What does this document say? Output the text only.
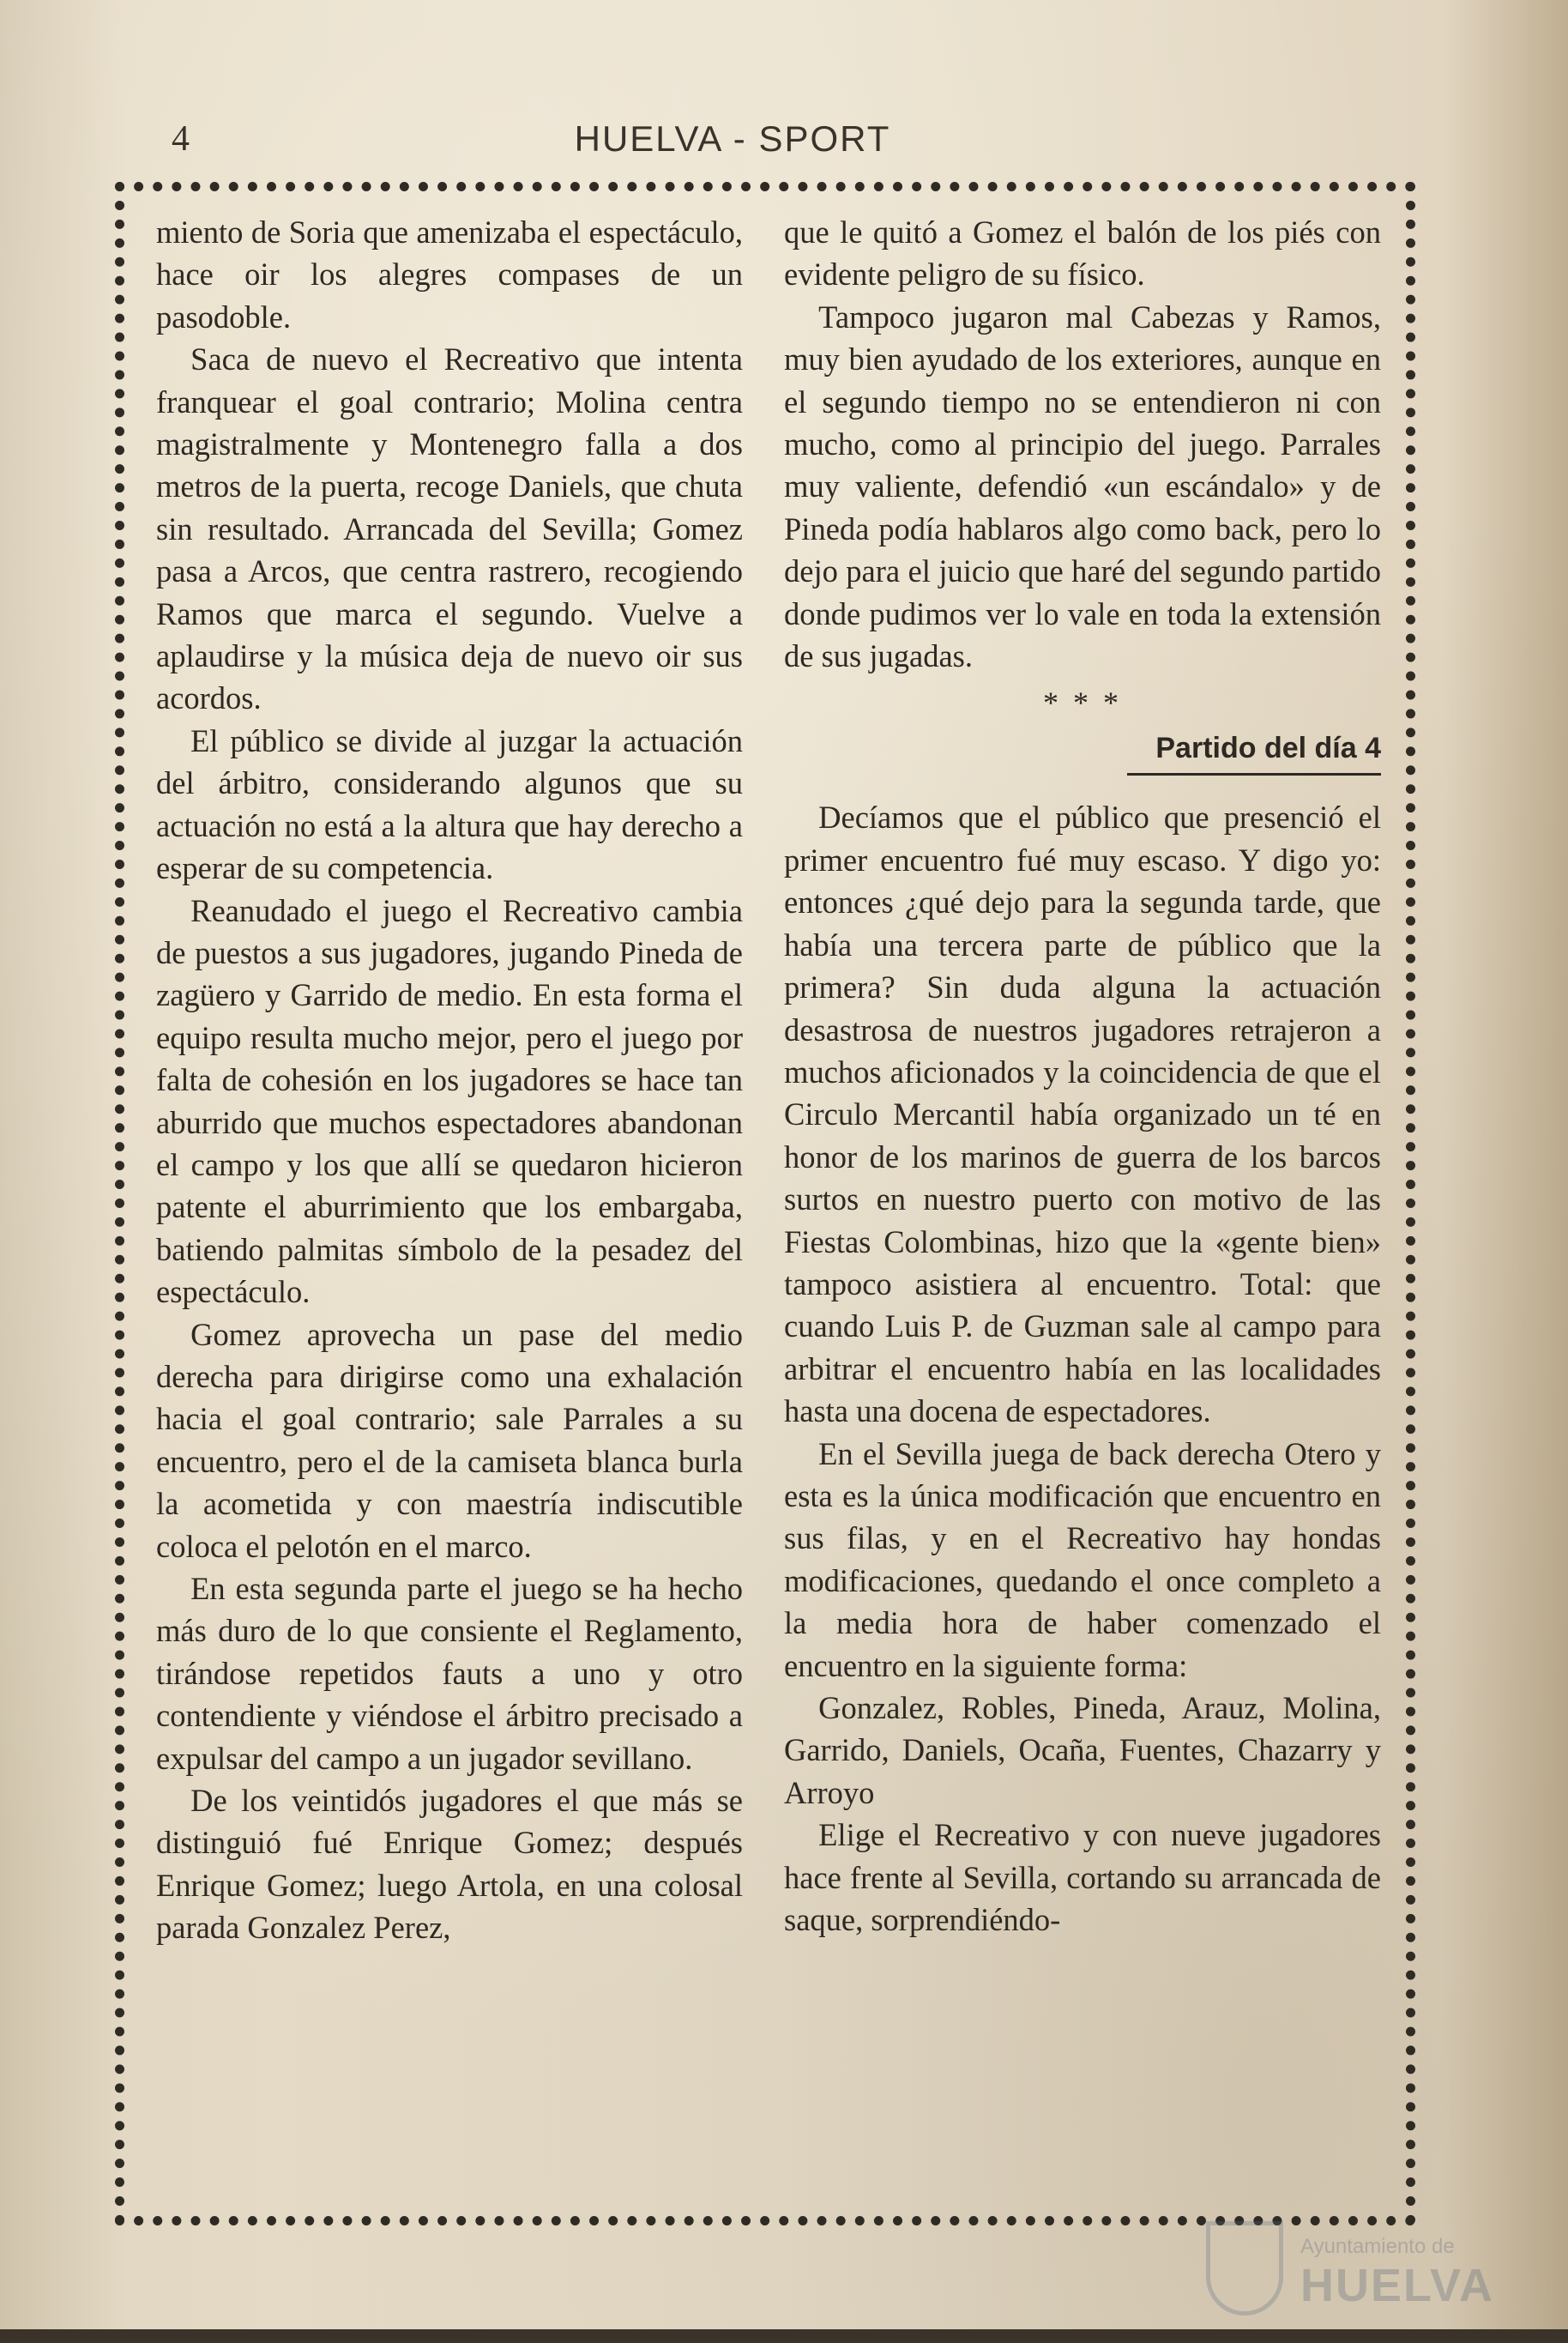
4	HUELVA - SPORT

miento de Soria que amenizaba el espectáculo, hace oir los alegres compases de un pasodoble.

Saca de nuevo el Recreativo que intenta franquear el goal contrario; Molina centra magistralmente y Montenegro falla a dos metros de la puerta, recoge Daniels, que chuta sin resultado. Arrancada del Sevilla; Gomez pasa a Arcos, que centra rastrero, recogiendo Ramos que marca el segundo. Vuelve a aplaudirse y la música deja de nuevo oir sus acordos.

El público se divide al juzgar la actuación del árbitro, considerando algunos que su actuación no está a la altura que hay derecho a esperar de su competencia.

Reanudado el juego el Recreativo cambia de puestos a sus jugadores, jugando Pineda de zagüero y Garrido de medio. En esta forma el equipo resulta mucho mejor, pero el juego por falta de cohesión en los jugadores se hace tan aburrido que muchos espectadores abandonan el campo y los que allí se quedaron hicieron patente el aburrimiento que los embargaba, batiendo palmitas símbolo de la pesadez del espectáculo.

Gomez aprovecha un pase del medio derecha para dirigirse como una exhalación hacia el goal contrario; sale Parrales a su encuentro, pero el de la camiseta blanca burla la acometida y con maestría indiscutible coloca el pelotón en el marco.

En esta segunda parte el juego se ha hecho más duro de lo que consiente el Reglamento, tirándose repetidos fauts a uno y otro contendiente y viéndose el árbitro precisado a expulsar del campo a un jugador sevillano.

De los veintidós jugadores el que más se distinguió fué Enrique Gomez; después Enrique Gomez; luego Artola, en una colosal parada Gonzalez Perez,

que le quitó a Gomez el balón de los piés con evidente peligro de su físico.

Tampoco jugaron mal Cabezas y Ramos, muy bien ayudado de los exteriores, aunque en el segundo tiempo no se entendieron ni con mucho, como al principio del juego. Parrales muy valiente, defendió «un escándalo» y de Pineda podía hablaros algo como back, pero lo dejo para el juicio que haré del segundo partido donde pudimos ver lo vale en toda la extensión de sus jugadas.

* * *
Partido del día 4

Decíamos que el público que presenció el primer encuentro fué muy escaso. Y digo yo: entonces ¿qué dejo para la segunda tarde, que había una tercera parte de público que la primera? Sin duda alguna la actuación desastrosa de nuestros jugadores retrajeron a muchos aficionados y la coincidencia de que el Circulo Mercantil había organizado un té en honor de los marinos de guerra de los barcos surtos en nuestro puerto con motivo de las Fiestas Colombinas, hizo que la «gente bien» tampoco asistiera al encuentro. Total: que cuando Luis P. de Guzman sale al campo para arbitrar el encuentro había en las localidades hasta una docena de espectadores.

En el Sevilla juega de back derecha Otero y esta es la única modificación que encuentro en sus filas, y en el Recreativo hay hondas modificaciones, quedando el once completo a la media hora de haber comenzado el encuentro en la siguiente forma:

Gonzalez, Robles, Pineda, Arauz, Molina, Garrido, Daniels, Ocaña, Fuentes, Chazarry y Arroyo

Elige el Recreativo y con nueve jugadores hace frente al Sevilla, cortando su arrancada de saque, sorprendiéndo-

Ayuntamiento de
HUELVA
